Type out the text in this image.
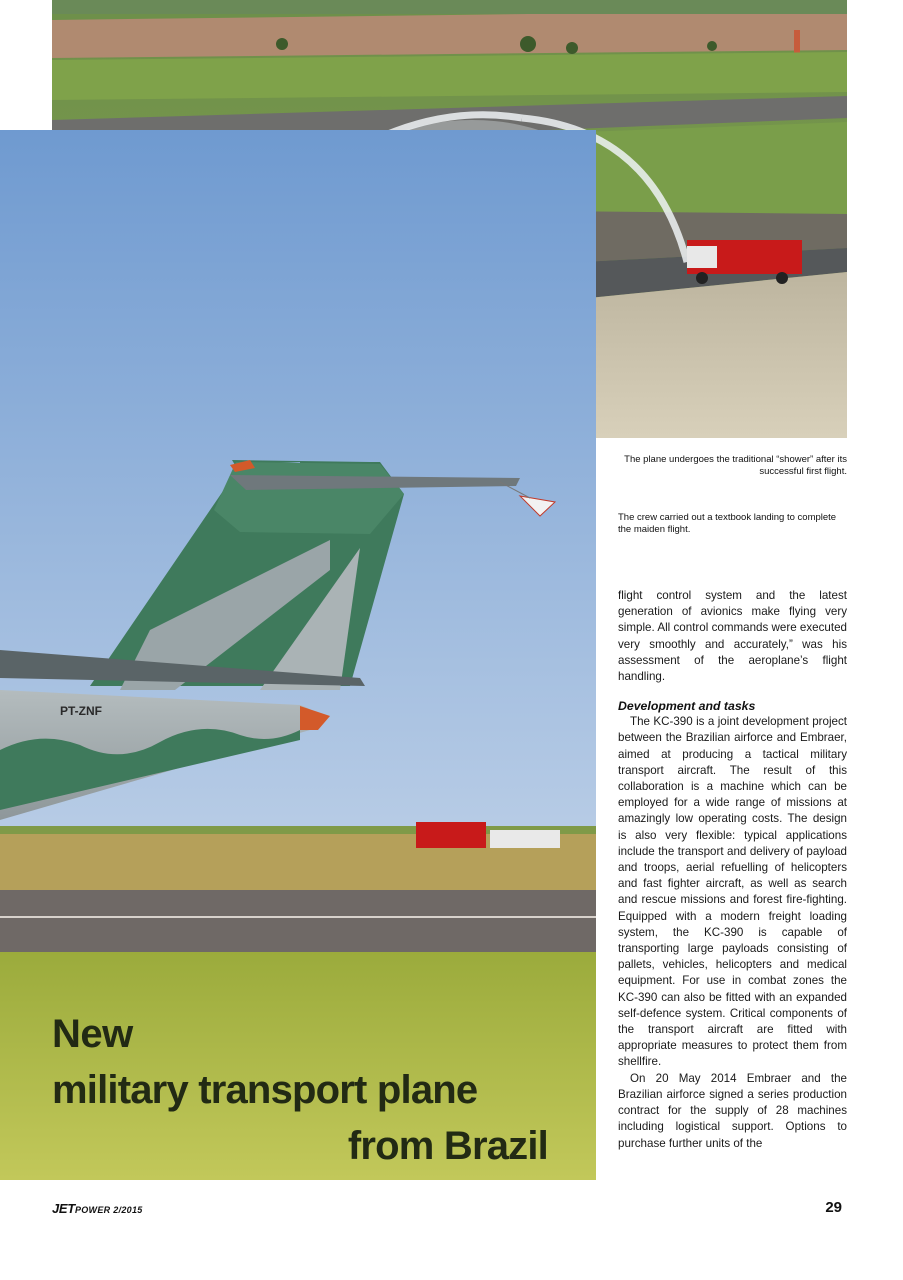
PT-ZNF
The plane undergoes the traditional “shower” after its successful first flight.
The crew carried out a textbook landing to complete the maiden flight.

flight control system and the latest generation of avionics make flying very simple. All control commands were executed very smoothly and accurately,” was his assessment of the aeroplane’s flight handling.

Development and tasks

The KC-390 is a joint development project between the Brazilian airforce and Embraer, aimed at producing a tactical military transport aircraft. The result of this collaboration is a machine which can be employed for a wide range of missions at amazingly low operating costs. The design is also very flexible: typical applications include the transport and delivery of payload and troops, aerial refuelling of helicopters and fast fighter aircraft, as well as search and rescue missions and forest fire-fighting. Equipped with a modern freight loading system, the KC-390 is capable of transporting large payloads consisting of pallets, vehicles, helicopters and medical equipment. For use in combat zones the KC-390 can also be fitted with an expanded self-defence system. Critical components of the transport aircraft are fitted with appropriate measures to protect them from shellfire.

On 20 May 2014 Embraer and the Brazilian airforce signed a series production contract for the supply of 28 machines including logistical support. Options to purchase further units of the

New
military transport plane
from Brazil
JETPOWER 2/2015	29
